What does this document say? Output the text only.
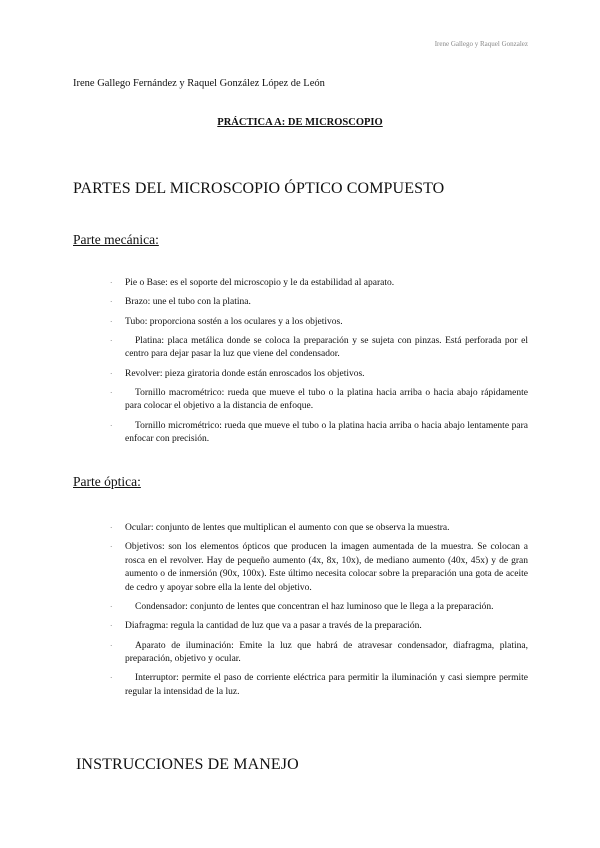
Irene Gallego y Raquel Gonzalez
Irene Gallego Fernández y Raquel González López de León
PRÁCTICA A: DE MICROSCOPIO
PARTES DEL MICROSCOPIO ÓPTICO COMPUESTO
Parte mecánica:
· Pie o Base: es el soporte del microscopio y le da estabilidad al aparato.
· Brazo: une el tubo con la platina.
· Tubo: proporciona sostén a los oculares y a los objetivos.
· Platina: placa metálica donde se coloca la preparación y se sujeta con pinzas. Está perforada por el centro para dejar pasar la luz que viene del condensador.
· Revolver: pieza giratoria donde están enroscados los objetivos.
· Tornillo macrométrico: rueda que mueve el tubo o la platina hacia arriba o hacia abajo rápidamente para colocar el objetivo a la distancia de enfoque.
· Tornillo micrométrico: rueda que mueve el tubo o la platina hacia arriba o hacia abajo lentamente para enfocar con precisión.
Parte óptica:
· Ocular: conjunto de lentes que multiplican el aumento con que se observa la muestra.
· Objetivos: son los elementos ópticos que producen la imagen aumentada de la muestra. Se colocan a rosca en el revolver. Hay de pequeño aumento (4x, 8x, 10x), de mediano aumento (40x, 45x) y de gran aumento o de inmersión (90x, 100x). Este último necesita colocar sobre la preparación una gota de aceite de cedro y apoyar sobre ella la lente del objetivo.
· Condensador: conjunto de lentes que concentran el haz luminoso que le llega a la preparación.
· Diafragma: regula la cantidad de luz que va a pasar a través de la preparación.
· Aparato de iluminación: Emite la luz que habrá de atravesar condensador, diafragma, platina, preparación, objetivo y ocular.
· Interruptor: permite el paso de corriente eléctrica para permitir la iluminación y casi siempre permite regular la intensidad de la luz.
INSTRUCCIONES DE MANEJO
